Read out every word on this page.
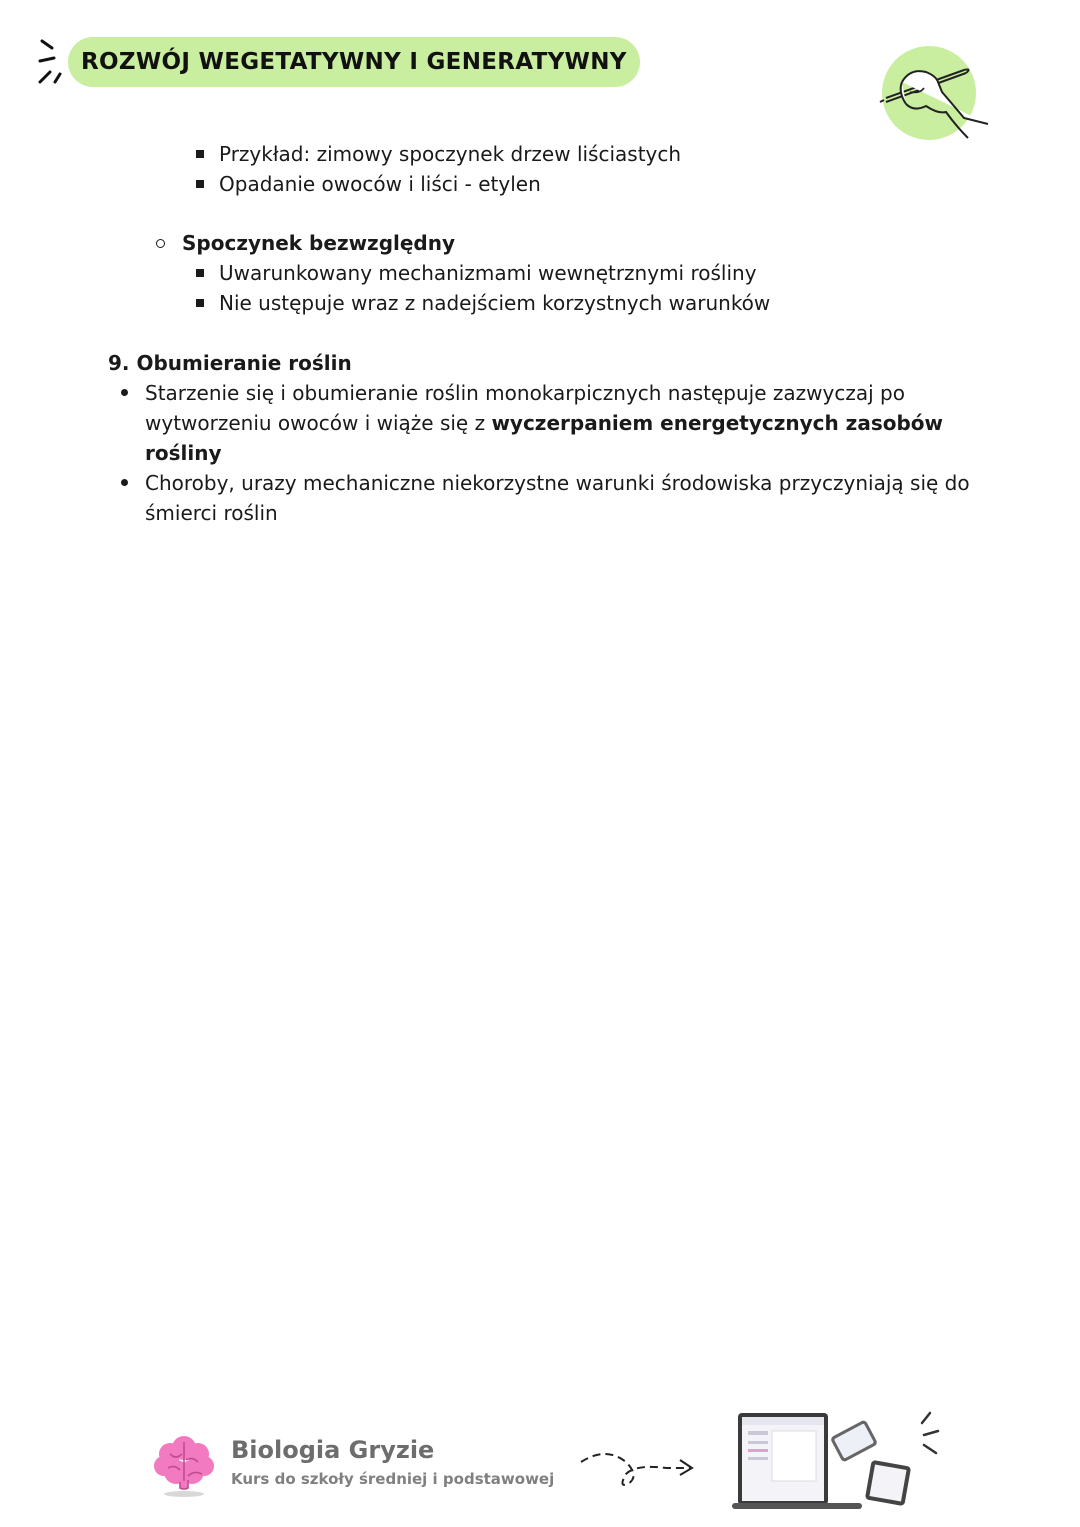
ROZWÓJ WEGETATYWNY I GENERATYWNY
Przykład: zimowy spoczynek drzew liściastych
Opadanie owoców i liści - etylen
Spoczynek bezwzględny
Uwarunkowany mechanizmami wewnętrznymi rośliny
Nie ustępuje wraz z nadejściem korzystnych warunków
9. Obumieranie roślin
Starzenie się i obumieranie roślin monokarpicznych następuje zazwyczaj po
wytworzeniu owoców i wiąże się z wyczerpaniem energetycznych zasobów
rośliny
Choroby, urazy mechaniczne niekorzystne warunki środowiska przyczyniają się do
śmierci roślin
Biologia Gryzie
Kurs do szkoły średniej i podstawowej
